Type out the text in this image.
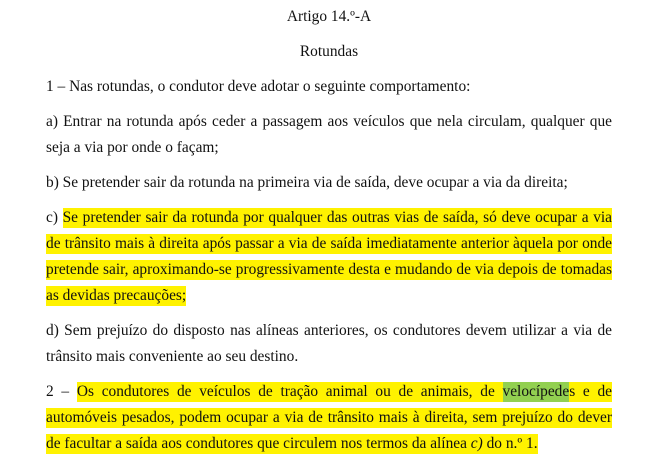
Artigo 14.º-A

Rotundas

1 – Nas rotundas, o condutor deve adotar o seguinte comportamento:

a) Entrar na rotunda após ceder a passagem aos veículos que nela circulam, qualquer que seja a via por onde o façam;

b) Se pretender sair da rotunda na primeira via de saída, deve ocupar a via da direita;

c) Se pretender sair da rotunda por qualquer das outras vias de saída, só deve ocupar a via de trânsito mais à direita após passar a via de saída imediatamente anterior àquela por onde pretende sair, aproximando-se progressivamente desta e mudando de via depois de tomadas as devidas precauções;

d) Sem prejuízo do disposto nas alíneas anteriores, os condutores devem utilizar a via de trânsito mais conveniente ao seu destino.

2 – Os condutores de veículos de tração animal ou de animais, de velocípedes e de automóveis pesados, podem ocupar a via de trânsito mais à direita, sem prejuízo do dever de facultar a saída aos condutores que circulem nos termos da alínea c) do n.º 1.
